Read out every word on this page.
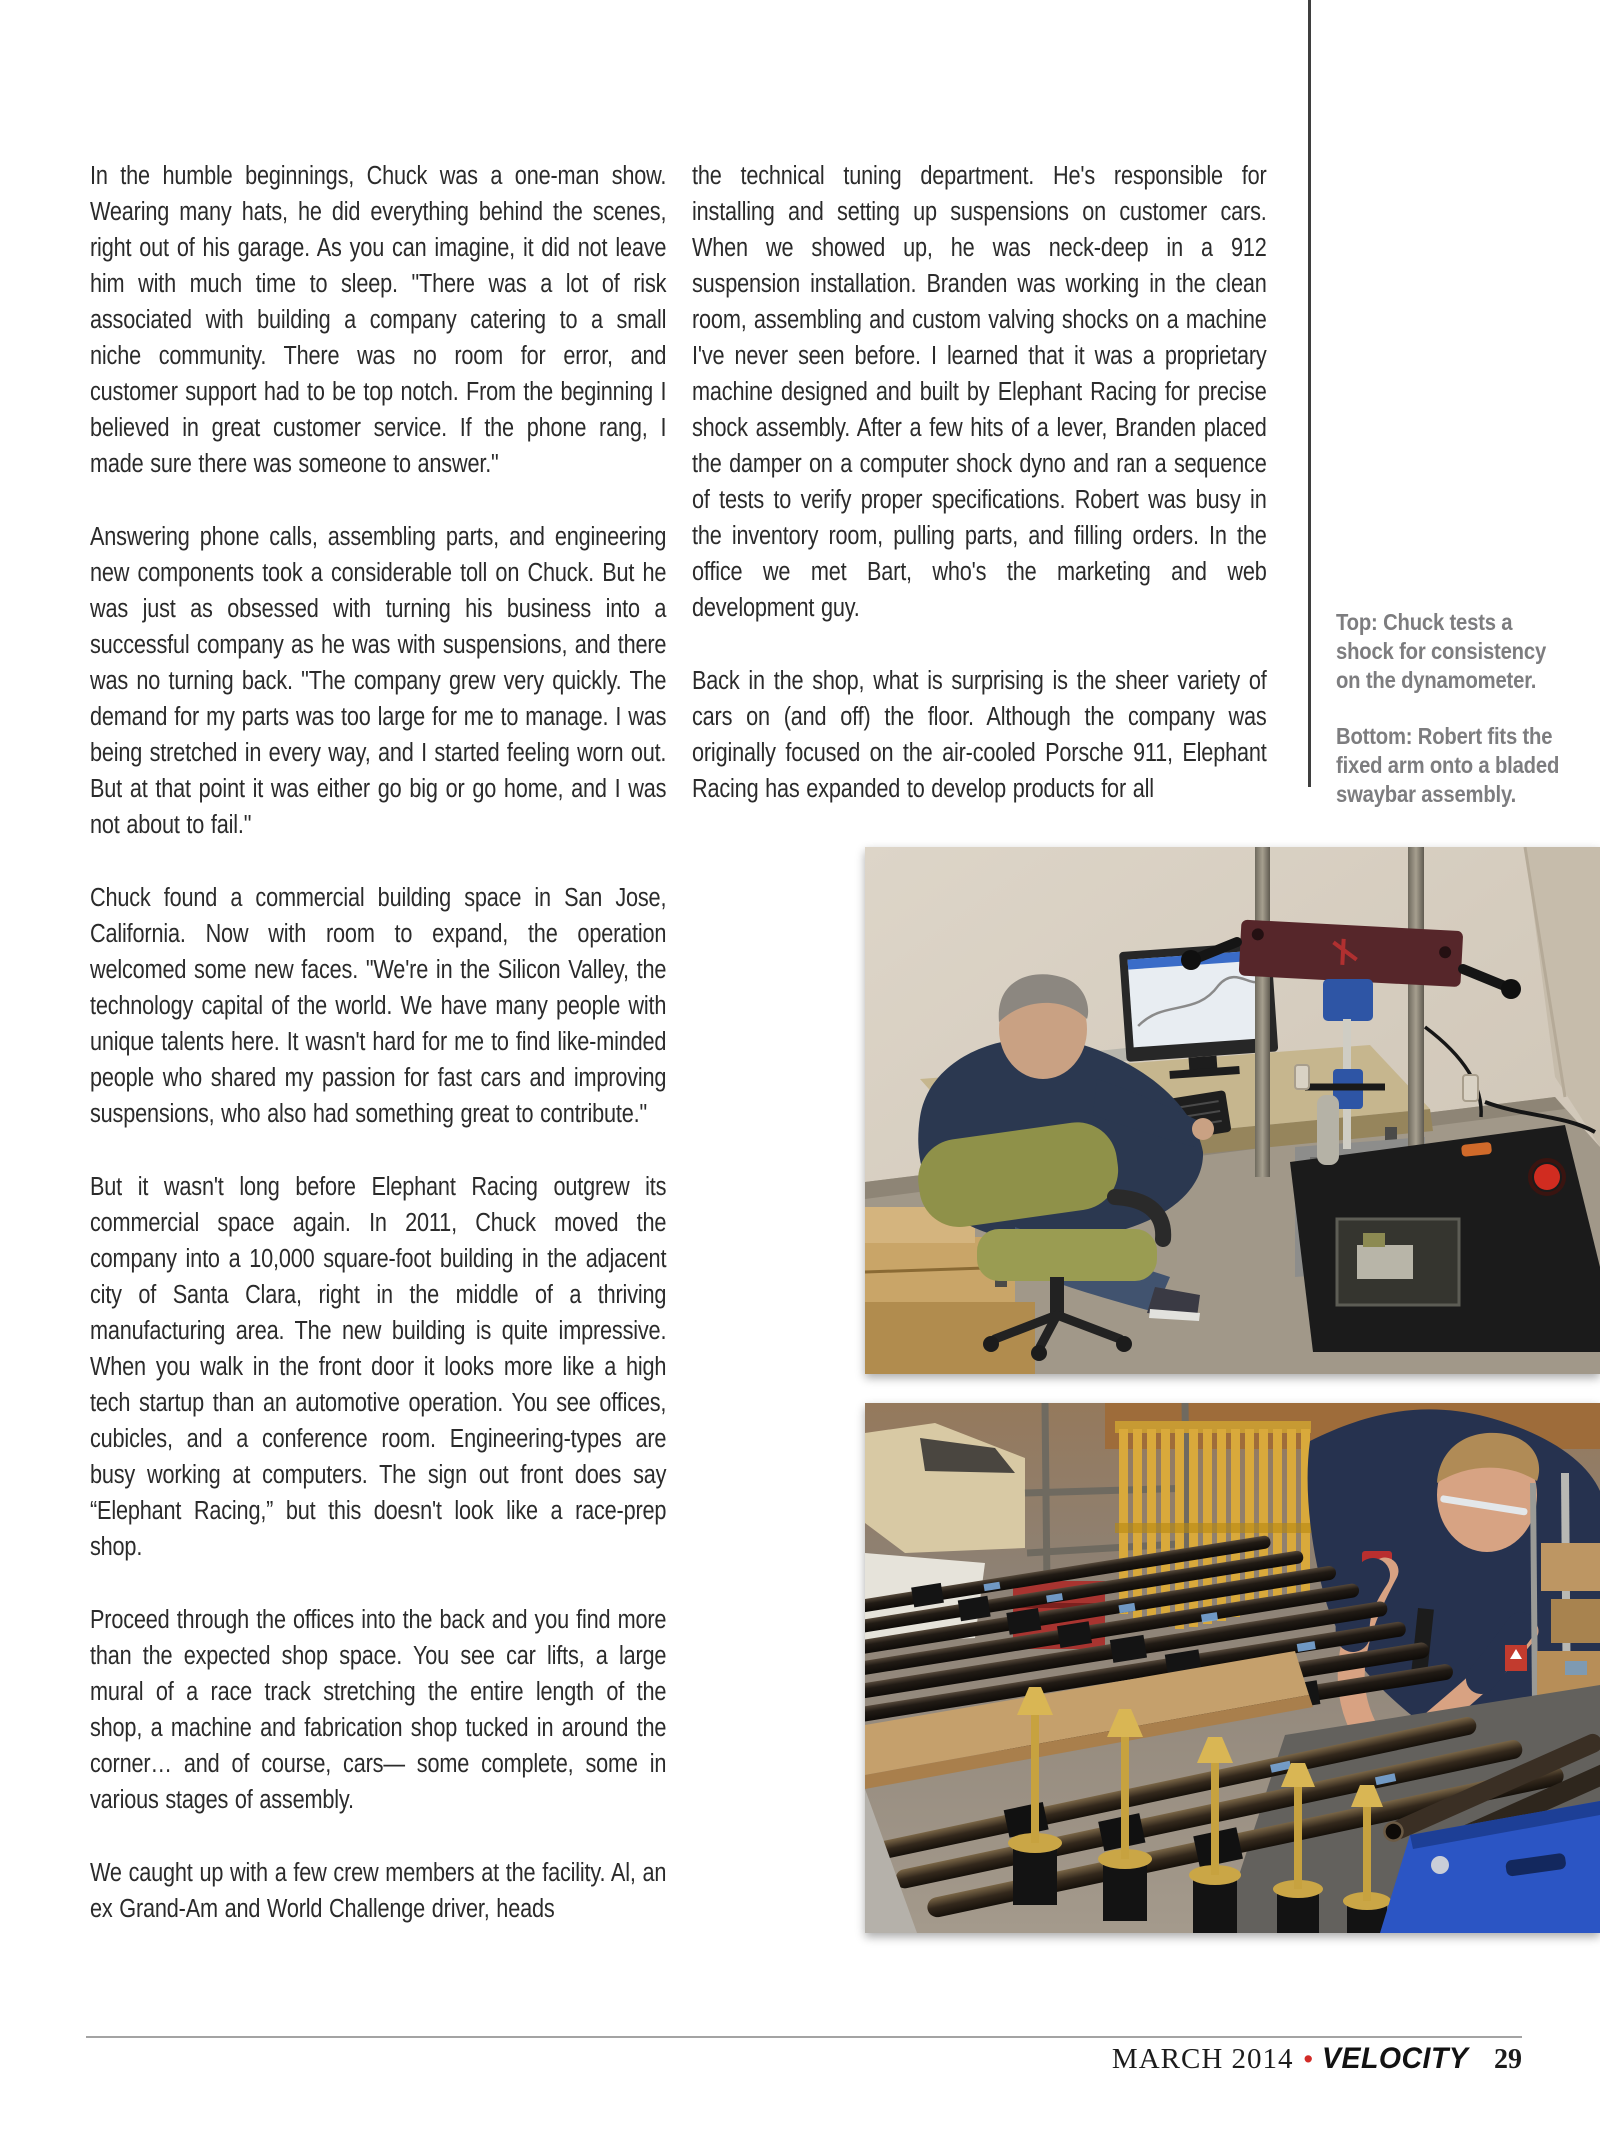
In the humble beginnings, Chuck was a one-man show. Wearing many hats, he did everything behind the scenes, right out of his garage. As you can imagine, it did not leave him with much time to sleep. "There was a lot of risk associated with building a company catering to a small niche community. There was no room for error, and customer support had to be top notch. From the beginning I believed in great customer service. If the phone rang, I made sure there was someone to answer."

Answering phone calls, assembling parts, and engineering new components took a considerable toll on Chuck. But he was just as obsessed with turning his business into a successful company as he was with suspensions, and there was no turning back. "The company grew very quickly. The demand for my parts was too large for me to manage. I was being stretched in every way, and I started feeling worn out. But at that point it was either go big or go home, and I was not about to fail."

Chuck found a commercial building space in San Jose, California. Now with room to expand, the operation welcomed some new faces. "We're in the Silicon Valley, the technology capital of the world. We have many people with unique talents here. It wasn't hard for me to find like-minded people who shared my passion for fast cars and improving suspensions, who also had something great to contribute."

But it wasn't long before Elephant Racing outgrew its commercial space again. In 2011, Chuck moved the company into a 10,000 square-foot building in the adjacent city of Santa Clara, right in the middle of a thriving manufacturing area. The new building is quite impressive. When you walk in the front door it looks more like a high tech startup than an automotive operation. You see offices, cubicles, and a conference room. Engineering-types are busy working at computers. The sign out front does say “Elephant Racing,” but this doesn't look like a race-prep shop.

Proceed through the offices into the back and you find more than the expected shop space. You see car lifts, a large mural of a race track stretching the entire length of the shop, a machine and fabrication shop tucked in around the corner… and of course, cars— some complete, some in various stages of assembly.

We caught up with a few crew members at the facility. Al, an ex Grand-Am and World Challenge driver, heads

the technical tuning department. He's responsible for installing and setting up suspensions on customer cars. When we showed up, he was neck-deep in a 912 suspension installation. Branden was working in the clean room, assembling and custom valving shocks on a machine I've never seen before. I learned that it was a proprietary machine designed and built by Elephant Racing for precise shock assembly. After a few hits of a lever, Branden placed the damper on a computer shock dyno and ran a sequence of tests to verify proper specifications. Robert was busy in the inventory room, pulling parts, and filling orders. In the office we met Bart, who's the marketing and web development guy.

Back in the shop, what is surprising is the sheer variety of cars on (and off) the floor. Although the company was originally focused on the air-cooled Porsche 911, Elephant Racing has expanded to develop products for all

Top: Chuck tests a shock for consistency on the dynamometer.

Bottom: Robert fits the fixed arm onto a bladed swaybar assembly.

MARCH 2014 • VELOCITY 29
